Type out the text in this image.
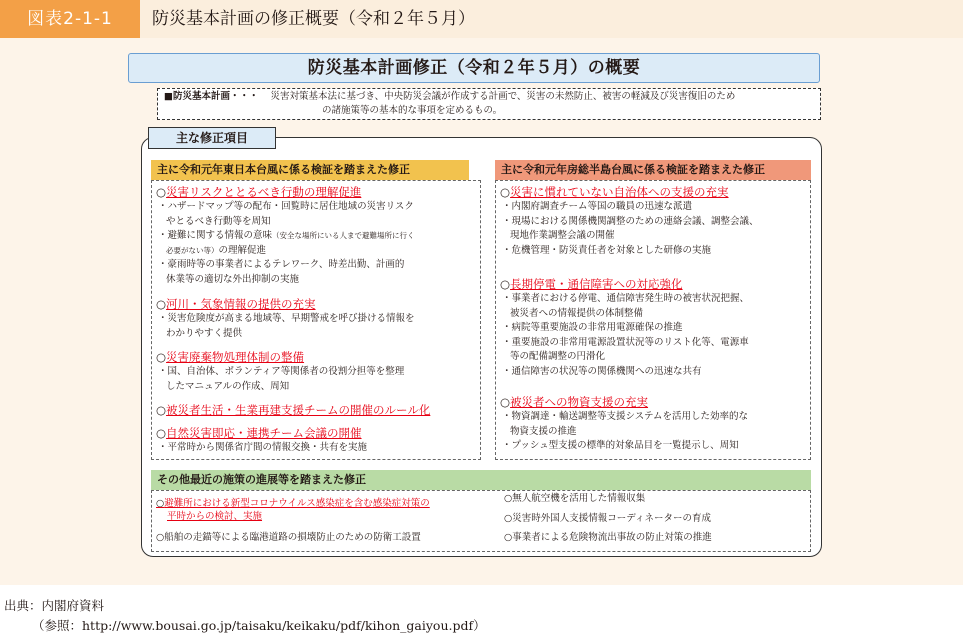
図表2-1-1	防災基本計画の修正概要（令和２年５月）
防災基本計画修正（令和２年５月）の概要
■防災基本計画・・・ 災害対策基本法に基づき、中央防災会議が作成する計画で、災害の未然防止、被害の軽減及び災害復旧のため
の諸施策等の基本的な事項を定めるもの。
主な修正項目
主に令和元年東日本台風に係る検証を踏まえた修正
○災害リスクととるべき行動の理解促進
・ハザードマップ等の配布・回覧時に居住地域の災害リスク
やとるべき行動等を周知
・避難に関する情報の意味（安全な場所にいる人まで避難場所に行く
必要がない等）の理解促進
・豪雨時等の事業者によるテレワーク、時差出勤、計画的
休業等の適切な外出抑制の実施
○河川・気象情報の提供の充実
・災害危険度が高まる地域等、早期警戒を呼び掛ける情報を
わかりやすく提供
○災害廃棄物処理体制の整備
・国、自治体、ボランティア等関係者の役割分担等を整理
したマニュアルの作成、周知
○被災者生活・生業再建支援チームの開催のルール化
○自然災害即応・連携チーム会議の開催
・平常時から関係省庁間の情報交換・共有を実施
主に令和元年房総半島台風に係る検証を踏まえた修正
○災害に慣れていない自治体への支援の充実
・内閣府調査チーム等国の職員の迅速な派遣
・現場における関係機関調整のための連絡会議、調整会議、
現地作業調整会議の開催
・危機管理・防災責任者を対象とした研修の実施
○長期停電・通信障害への対応強化
・事業者における停電、通信障害発生時の被害状況把握、
被災者への情報提供の体制整備
・病院等重要施設の非常用電源確保の推進
・重要施設の非常用電源設置状況等のリスト化等、電源車
等の配備調整の円滑化
・通信障害の状況等の関係機関への迅速な共有
○被災者への物資支援の充実
・物資調達・輸送調整等支援システムを活用した効率的な
物資支援の推進
・プッシュ型支援の標準的対象品目を一覧提示し、周知
その他最近の施策の進展等を踏まえた修正
○避難所における新型コロナウイルス感染症を含む感染症対策の
平時からの検討、実施
○船舶の走錨等による臨港道路の損壊防止のための防衛工設置
○無人航空機を活用した情報収集
○災害時外国人支援情報コーディネーターの育成
○事業者による危険物流出事故の防止対策の推進
出典：内閣府資料
（参照：http://www.bousai.go.jp/taisaku/keikaku/pdf/kihon_gaiyou.pdf）
